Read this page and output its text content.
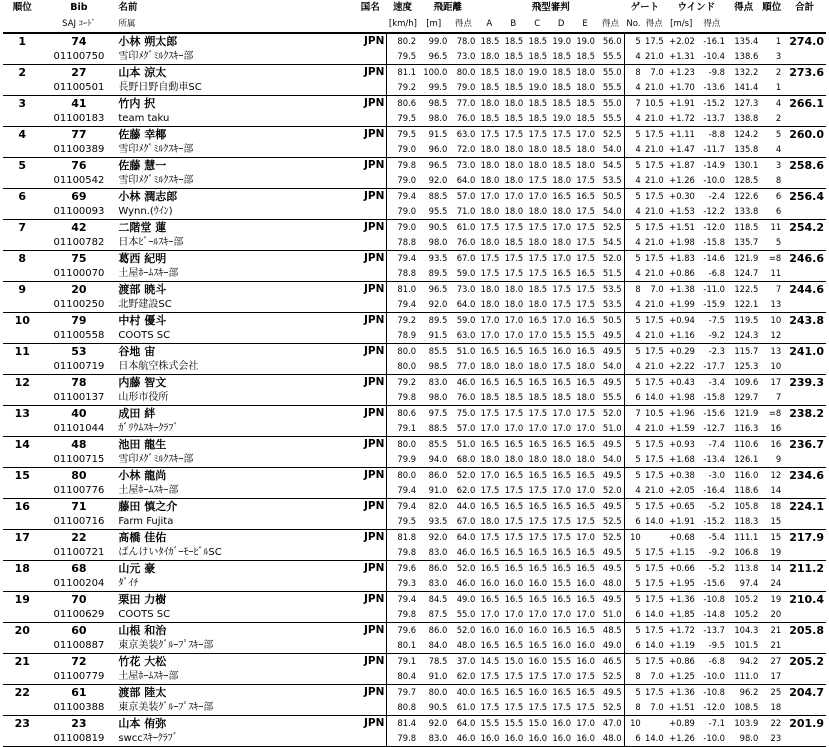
順位	Bib	名前	国名	速度	飛距離		飛型審判						ゲート		ウインド		得点	順位	合計
	SAJ ｺｰﾄﾞ	所属		[km/h]	[m]	得点	A	B	C	D	E	得点	No.	得点	[m/s]	得点			
1	74	小林 朔太郎	JPN	80.2	99.0	78.0	18.5	18.5	18.5	19.0	19.0	56.0	5	17.5	+2.02	-16.1	135.4	1	274.0
	01100750	雪印ﾒｸﾞﾐﾙｸｽｷｰ部		79.5	96.5	73.0	18.0	18.5	18.5	18.5	18.5	55.5	4	21.0	+1.31	-10.4	138.6	3	
2	27	山本 涼太	JPN	81.1	100.0	80.0	18.5	18.0	19.0	18.5	18.0	55.0	8	7.0	+1.23	-9.8	132.2	2	273.6
	01100501	長野日野自動車SC		79.2	99.5	79.0	18.5	18.5	19.0	18.5	18.0	55.5	4	21.0	+1.70	-13.6	141.4	1	
3	41	竹内 択	JPN	80.6	98.5	77.0	18.0	18.0	18.5	18.5	18.5	55.0	7	10.5	+1.91	-15.2	127.3	4	266.1
	01100183	team taku		79.5	98.0	76.0	18.5	18.5	18.5	19.0	18.5	55.5	4	21.0	+1.72	-13.7	138.8	2	
4	77	佐藤 幸椰	JPN	79.5	91.5	63.0	17.5	17.5	17.5	17.5	17.0	52.5	5	17.5	+1.11	-8.8	124.2	5	260.0
	01100389	雪印ﾒｸﾞﾐﾙｸｽｷｰ部		79.0	96.0	72.0	18.0	18.0	18.0	18.5	18.0	54.0	4	21.0	+1.47	-11.7	135.8	4	
5	76	佐藤 慧一	JPN	79.8	96.5	73.0	18.0	18.0	18.0	18.5	18.0	54.5	5	17.5	+1.87	-14.9	130.1	3	258.6
	01100542	雪印ﾒｸﾞﾐﾙｸｽｷｰ部		79.0	92.0	64.0	18.0	18.0	17.5	18.0	17.5	53.5	4	21.0	+1.26	-10.0	128.5	8	
6	69	小林 潤志郎	JPN	79.4	88.5	57.0	17.0	17.0	17.0	16.5	16.5	50.5	5	17.5	+0.30	-2.4	122.6	6	256.4
	01100093	Wynn.(ｳｲﾝ)		79.0	95.5	71.0	18.0	18.0	18.0	18.0	17.5	54.0	4	21.0	+1.53	-12.2	133.8	6	
7	42	二階堂 蓮	JPN	79.0	90.5	61.0	17.5	17.5	17.5	17.0	17.5	52.5	5	17.5	+1.51	-12.0	118.5	11	254.2
	01100782	日本ﾋﾞｰﾙｽｷｰ部		78.8	98.0	76.0	18.0	18.5	18.0	18.0	17.5	54.5	4	21.0	+1.98	-15.8	135.7	5	
8	75	葛西 紀明	JPN	79.4	93.5	67.0	17.5	17.5	17.5	17.0	17.5	52.0	5	17.5	+1.83	-14.6	121.9	=8	246.6
	01100070	土屋ﾎｰﾑｽｷｰ部		78.8	89.5	59.0	17.5	17.5	17.5	16.5	16.5	51.5	4	21.0	+0.86	-6.8	124.7	11	
9	20	渡部 暁斗	JPN	81.0	96.5	73.0	18.0	18.0	18.5	17.5	17.5	53.5	8	7.0	+1.38	-11.0	122.5	7	244.6
	01100250	北野建設SC		79.4	92.0	64.0	18.0	18.0	18.0	17.5	17.5	53.5	4	21.0	+1.99	-15.9	122.1	13	
10	79	中村 優斗	JPN	79.2	89.5	59.0	17.0	17.0	16.5	17.0	16.5	50.5	5	17.5	+0.94	-7.5	119.5	10	243.8
	01100558	COOTS SC		78.9	91.5	63.0	17.0	17.0	17.0	15.5	15.5	49.5	4	21.0	+1.16	-9.2	124.3	12	
11	53	谷地 宙	JPN	80.0	85.5	51.0	16.5	16.5	16.5	16.0	16.5	49.5	5	17.5	+0.29	-2.3	115.7	13	241.0
	01100719	日本航空株式会社		80.0	98.5	77.0	18.0	18.0	18.0	17.5	18.0	54.0	4	21.0	+2.22	-17.7	125.3	10	
12	78	内藤 智文	JPN	79.2	83.0	46.0	16.5	16.5	16.5	16.5	16.5	49.5	5	17.5	+0.43	-3.4	109.6	17	239.3
	01100137	山形市役所		79.8	98.0	76.0	18.5	18.5	18.5	18.5	18.0	55.5	6	14.0	+1.98	-15.8	129.7	7	
13	40	成田 絆	JPN	80.6	97.5	75.0	17.5	17.5	17.5	17.0	17.5	52.0	7	10.5	+1.96	-15.6	121.9	=8	238.2
	01101044	ｶﾞﾘｳﾑｽｷｰｸﾗﾌﾞ		79.1	88.5	57.0	17.0	17.0	17.0	17.0	17.0	51.0	4	21.0	+1.59	-12.7	116.3	16	
14	48	池田 龍生	JPN	80.0	85.5	51.0	16.5	16.5	16.5	16.5	16.5	49.5	5	17.5	+0.93	-7.4	110.6	16	236.7
	01100715	雪印ﾒｸﾞﾐﾙｸｽｷｰ部		79.9	94.0	68.0	18.0	18.0	18.0	18.0	18.0	54.0	5	17.5	+1.68	-13.4	126.1	9	
15	80	小林 龍尚	JPN	80.0	86.0	52.0	17.0	16.5	16.5	16.5	16.5	49.5	5	17.5	+0.38	-3.0	116.0	12	234.6
	01100776	土屋ﾎｰﾑｽｷｰ部		79.4	91.0	62.0	17.5	17.5	17.5	17.0	17.0	52.0	4	21.0	+2.05	-16.4	118.6	14	
16	71	藤田 慎之介	JPN	79.4	82.0	44.0	16.5	16.5	16.5	16.5	16.5	49.5	5	17.5	+0.65	-5.2	105.8	18	224.1
	01100716	Farm Fujita		79.5	93.5	67.0	18.0	17.5	17.5	17.5	17.5	52.5	6	14.0	+1.91	-15.2	118.3	15	
17	22	髙橋 佳佑	JPN	81.8	92.0	64.0	17.5	17.5	17.5	17.5	17.0	52.5	10		+0.68	-5.4	111.1	15	217.9
	01100721	ばんけいﾀｲｶﾞｰﾓｰﾋﾞﾙSC		79.8	83.0	46.0	16.5	16.5	16.5	16.5	16.5	49.5	5	17.5	+1.15	-9.2	106.8	19	
18	68	山元 豪	JPN	79.6	86.0	52.0	16.5	16.5	16.5	16.5	16.5	49.5	5	17.5	+0.66	-5.2	113.8	14	211.2
	01100204	ﾀﾞｲﾁ		79.3	83.0	46.0	16.0	16.0	16.0	15.5	16.0	48.0	5	17.5	+1.95	-15.6	97.4	24	
19	70	栗田 力樹	JPN	79.4	84.5	49.0	16.5	16.5	16.5	16.5	16.5	49.5	5	17.5	+1.36	-10.8	105.2	19	210.4
	01100629	COOTS SC		79.8	87.5	55.0	17.0	17.0	17.0	17.0	17.0	51.0	6	14.0	+1.85	-14.8	105.2	20	
20	60	山根 和治	JPN	79.6	86.0	52.0	16.0	16.0	16.0	16.5	16.5	48.5	5	17.5	+1.72	-13.7	104.3	21	205.8
	01100887	東京美装ｸﾞﾙｰﾌﾟｽｷｰ部		80.1	84.0	48.0	16.5	16.5	16.5	16.0	16.0	49.0	6	14.0	+1.19	-9.5	101.5	21	
21	72	竹花 大松	JPN	79.1	78.5	37.0	14.5	15.0	16.0	15.5	16.0	46.5	5	17.5	+0.86	-6.8	94.2	27	205.2
	01100779	土屋ﾎｰﾑｽｷｰ部		80.4	91.0	62.0	17.5	17.5	17.5	17.0	17.5	52.5	8	7.0	+1.25	-10.0	111.0	17	
22	61	渡部 陸太	JPN	79.7	80.0	40.0	16.5	16.5	16.0	16.5	16.5	49.5	5	17.5	+1.36	-10.8	96.2	25	204.7
	01100388	東京美装ｸﾞﾙｰﾌﾟｽｷｰ部		80.8	90.5	61.0	17.5	17.5	17.5	17.5	17.5	52.5	8	7.0	+1.51	-12.0	108.5	18	
23	23	山本 侑弥	JPN	81.4	92.0	64.0	15.5	15.5	15.0	16.0	17.0	47.0	10		+0.89	-7.1	103.9	22	201.9
	01100819	swccｽｷｰｸﾗﾌﾞ		79.8	83.0	46.0	16.0	16.0	16.0	16.0	16.0	48.0	6	14.0	+1.26	-10.0	98.0	23	
